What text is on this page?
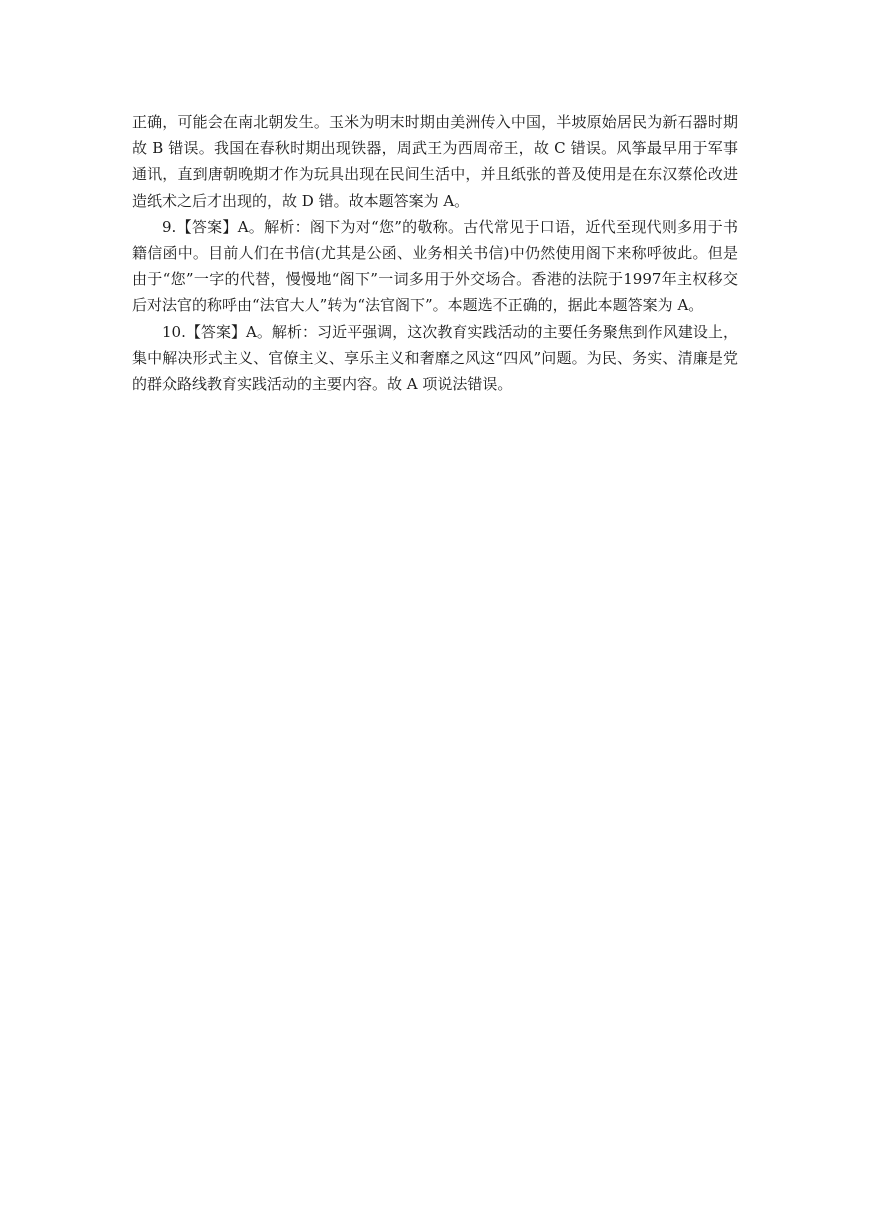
正确，可能会在南北朝发生。玉米为明末时期由美洲传入中国，半坡原始居民为新石器时期故 B 错误。我国在春秋时期出现铁器，周武王为西周帝王，故 C 错误。风筝最早用于军事通讯，直到唐朝晚期才作为玩具出现在民间生活中，并且纸张的普及使用是在东汉蔡伦改进造纸术之后才出现的，故 D 错。故本题答案为 A。

9.【答案】A。解析：阁下为对“您”的敬称。古代常见于口语，近代至现代则多用于书籍信函中。目前人们在书信(尤其是公函、业务相关书信)中仍然使用阁下来称呼彼此。但是由于“您”一字的代替，慢慢地“阁下”一词多用于外交场合。香港的法院于1997年主权移交后对法官的称呼由“法官大人”转为“法官阁下”。本题选不正确的，据此本题答案为 A。

10.【答案】A。解析：习近平强调，这次教育实践活动的主要任务聚焦到作风建设上，集中解决形式主义、官僚主义、享乐主义和奢靡之风这“四风”问题。为民、务实、清廉是党的群众路线教育实践活动的主要内容。故 A 项说法错误。
